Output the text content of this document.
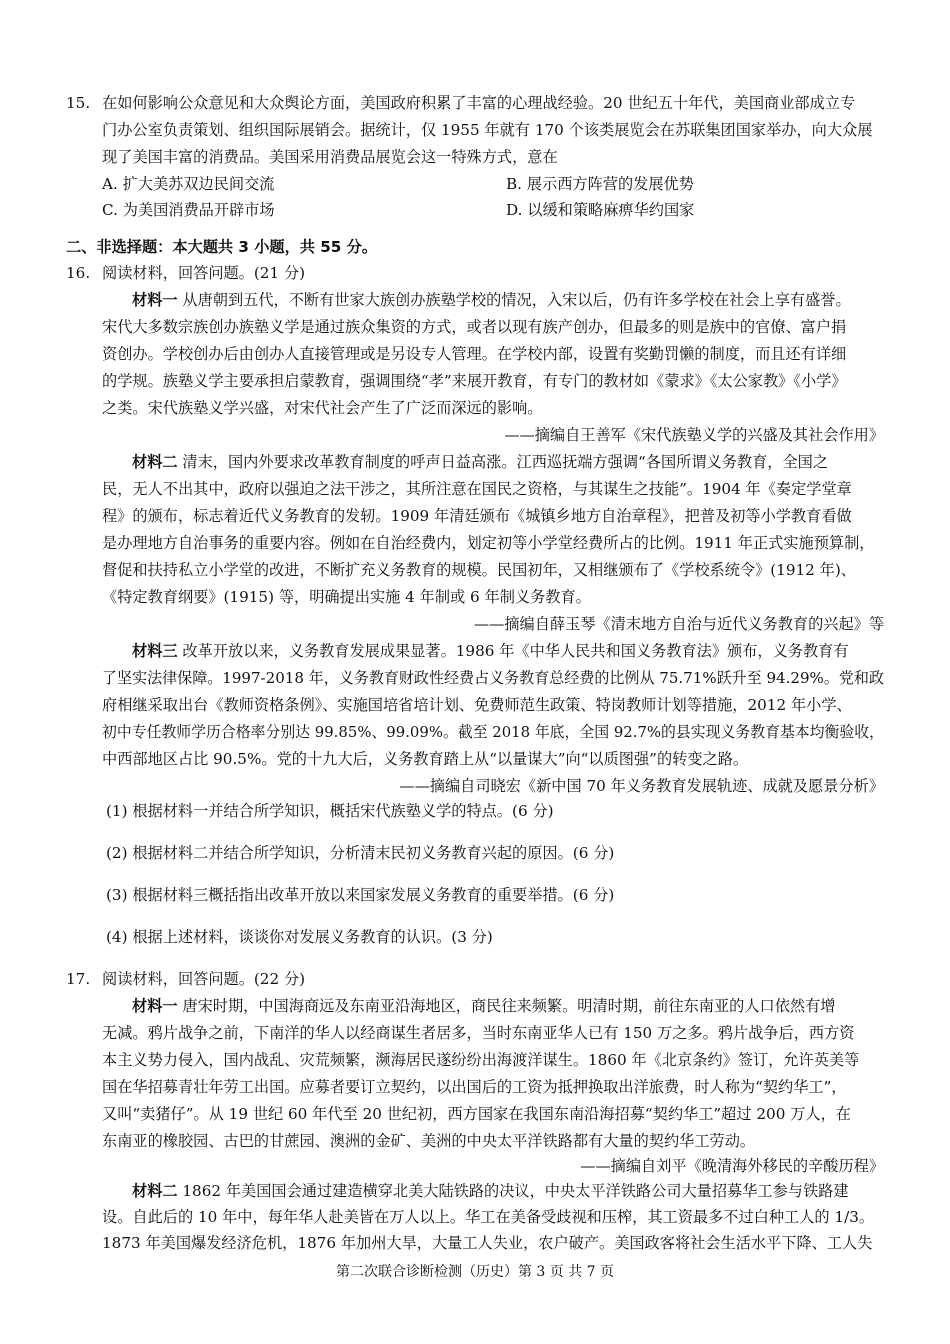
15. 在如何影响公众意见和大众舆论方面，美国政府积累了丰富的心理战经验。20 世纪五十年代，美国商业部成立专
门办公室负责策划、组织国际展销会。据统计，仅 1955 年就有 170 个该类展览会在苏联集团国家举办，向大众展
现了美国丰富的消费品。美国采用消费品展览会这一特殊方式，意在
A. 扩大美苏双边民间交流	B. 展示西方阵营的发展优势
C. 为美国消费品开辟市场	D. 以缓和策略麻痹华约国家
二、非选择题：本大题共 3 小题，共 55 分。
16. 阅读材料，回答问题。(21 分)
材料一 从唐朝到五代，不断有世家大族创办族塾学校的情况，入宋以后，仍有许多学校在社会上享有盛誉。
宋代大多数宗族创办族塾义学是通过族众集资的方式，或者以现有族产创办，但最多的则是族中的官僚、富户捐
资创办。学校创办后由创办人直接管理或是另设专人管理。在学校内部，设置有奖勤罚懒的制度，而且还有详细
的学规。族塾义学主要承担启蒙教育，强调围绕“孝”来展开教育，有专门的教材如《蒙求》《太公家教》《小学》
之类。宋代族塾义学兴盛，对宋代社会产生了广泛而深远的影响。
——摘编自王善军《宋代族塾义学的兴盛及其社会作用》
材料二 清末，国内外要求改革教育制度的呼声日益高涨。江西巡抚端方强调“各国所谓义务教育，全国之
民，无人不出其中，政府以强迫之法干涉之，其所注意在国民之资格，与其谋生之技能”。1904 年《奏定学堂章
程》的颁布，标志着近代义务教育的发轫。1909 年清廷颁布《城镇乡地方自治章程》，把普及初等小学教育看做
是办理地方自治事务的重要内容。例如在自治经费内，划定初等小学堂经费所占的比例。1911 年正式实施预算制，
督促和扶持私立小学堂的改进，不断扩充义务教育的规模。民国初年，又相继颁布了《学校系统令》(1912 年)、
《特定教育纲要》(1915) 等，明确提出实施 4 年制或 6 年制义务教育。
——摘编自薛玉琴《清末地方自治与近代义务教育的兴起》等
材料三 改革开放以来，义务教育发展成果显著。1986 年《中华人民共和国义务教育法》颁布，义务教育有
了坚实法律保障。1997-2018 年，义务教育财政性经费占义务教育总经费的比例从 75.71%跃升至 94.29%。党和政
府相继采取出台《教师资格条例》、实施国培省培计划、免费师范生政策、特岗教师计划等措施，2012 年小学、
初中专任教师学历合格率分别达 99.85%、99.09%。截至 2018 年底，全国 92.7%的县实现义务教育基本均衡验收，
中西部地区占比 90.5%。党的十九大后，义务教育踏上从“以量谋大”向“以质图强”的转变之路。
——摘编自司晓宏《新中国 70 年义务教育发展轨迹、成就及愿景分析》
(1) 根据材料一并结合所学知识，概括宋代族塾义学的特点。(6 分)
(2) 根据材料二并结合所学知识，分析清末民初义务教育兴起的原因。(6 分)
(3) 根据材料三概括指出改革开放以来国家发展义务教育的重要举措。(6 分)
(4) 根据上述材料，谈谈你对发展义务教育的认识。(3 分)
17. 阅读材料，回答问题。(22 分)
材料一 唐宋时期，中国海商远及东南亚沿海地区，商民往来频繁。明清时期，前往东南亚的人口依然有增
无减。鸦片战争之前，下南洋的华人以经商谋生者居多，当时东南亚华人已有 150 万之多。鸦片战争后，西方资
本主义势力侵入，国内战乱、灾荒频繁，濒海居民遂纷纷出海渡洋谋生。1860 年《北京条约》签订，允许英美等
国在华招募青壮年劳工出国。应募者要订立契约，以出国后的工资为抵押换取出洋旅费，时人称为“契约华工”，
又叫“卖猪仔”。从 19 世纪 60 年代至 20 世纪初，西方国家在我国东南沿海招募“契约华工”超过 200 万人，在
东南亚的橡胶园、古巴的甘蔗园、澳洲的金矿、美洲的中央太平洋铁路都有大量的契约华工劳动。
——摘编自刘平《晚清海外移民的辛酸历程》
材料二 1862 年美国国会通过建造横穿北美大陆铁路的决议，中央太平洋铁路公司大量招募华工参与铁路建
设。自此后的 10 年中，每年华人赴美皆在万人以上。华工在美备受歧视和压榨，其工资最多不过白种工人的 1/3。
1873 年美国爆发经济危机，1876 年加州大旱，大量工人失业，农户破产。美国政客将社会生活水平下降、工人失
第二次联合诊断检测（历史）第 3 页 共 7 页
